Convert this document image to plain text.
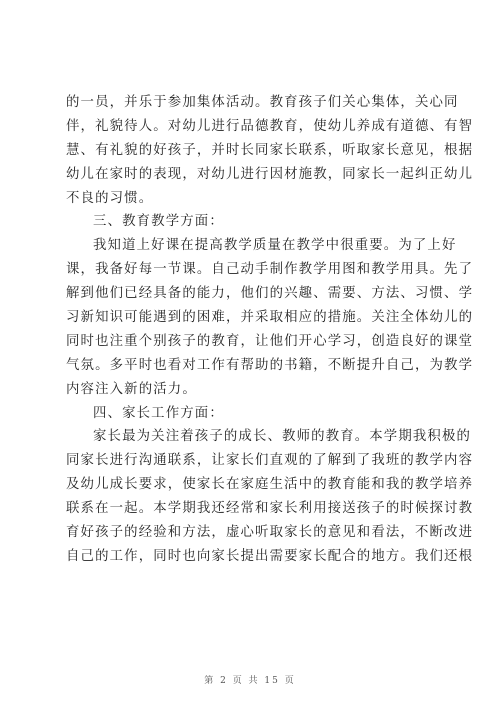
的一员，并乐于参加集体活动。教育孩子们关心集体，关心同
伴，礼貌待人。对幼儿进行品德教育，使幼儿养成有道德、有智
慧、有礼貌的好孩子，并时长同家长联系，听取家长意见，根据
幼儿在家时的表现，对幼儿进行因材施教，同家长一起纠正幼儿
不良的习惯。
三、教育教学方面：
我知道上好课在提高教学质量在教学中很重要。为了上好
课，我备好每一节课。自己动手制作教学用图和教学用具。先了
解到他们已经具备的能力，他们的兴趣、需要、方法、习惯、学
习新知识可能遇到的困难，并采取相应的措施。关注全体幼儿的
同时也注重个别孩子的教育，让他们开心学习，创造良好的课堂
气氛。多平时也看对工作有帮助的书籍，不断提升自己，为教学
内容注入新的活力。
四、家长工作方面：
家长最为关注着孩子的成长、教师的教育。本学期我积极的
同家长进行沟通联系，让家长们直观的了解到了我班的教学内容
及幼儿成长要求，使家长在家庭生活中的教育能和我的教学培养
联系在一起。本学期我还经常和家长利用接送孩子的时候探讨教
育好孩子的经验和方法，虚心听取家长的意见和看法，不断改进
自己的工作，同时也向家长提出需要家长配合的地方。我们还根
第 2 页 共 15 页
